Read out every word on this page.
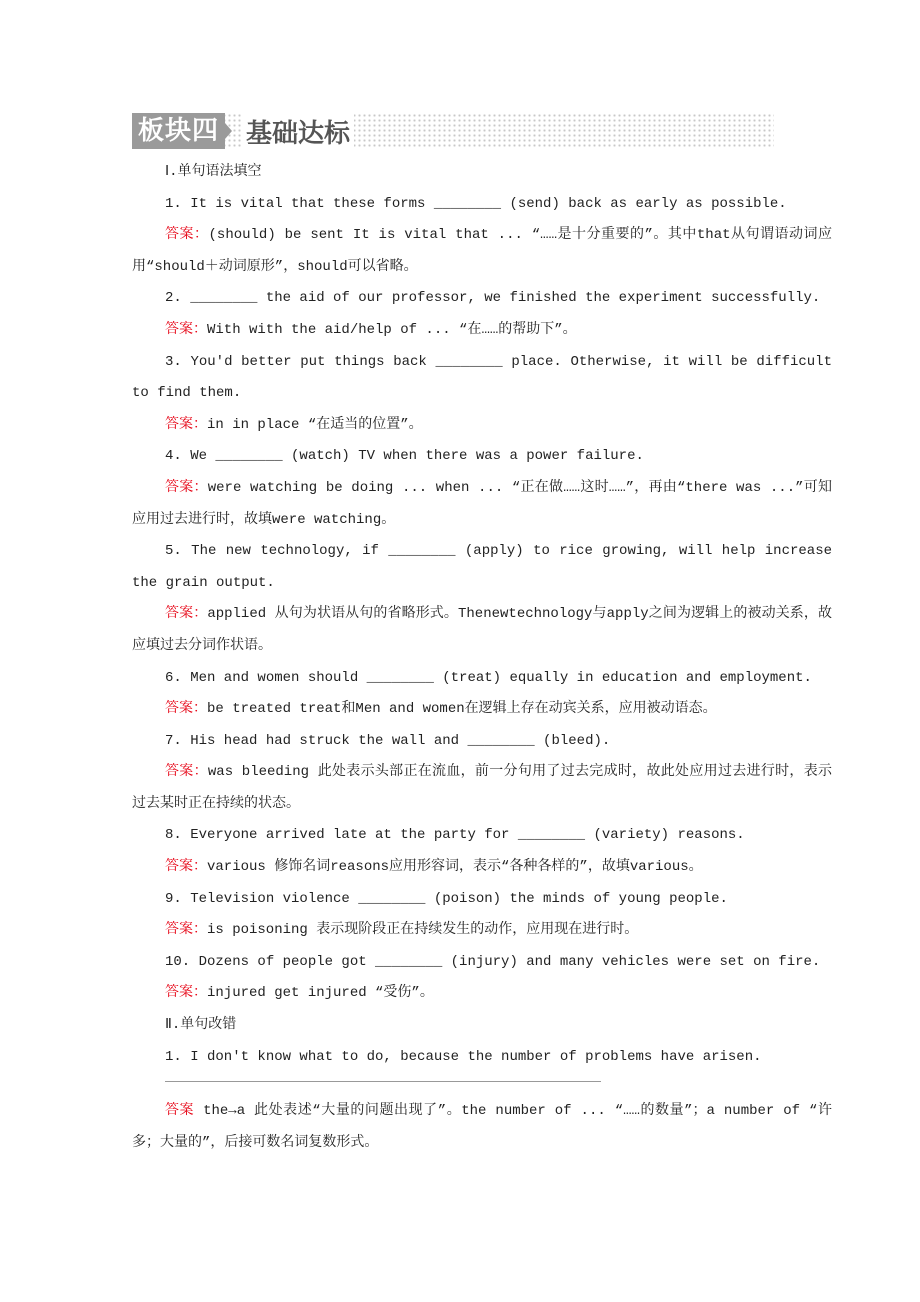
板块四 基础达标

Ⅰ.单句语法填空

1. It is vital that these forms ________ (send) back as early as possible.

答案：(should) be sent It is vital that ... “……是十分重要的”。其中that从句谓语动词应用“should＋动词原形”，should可以省略。

2. ________ the aid of our professor, we finished the experiment successfully.

答案：With with the aid/help of ... “在……的帮助下”。

3. You'd better put things back ________ place. Otherwise, it will be difficult to find them.

答案：in in place “在适当的位置”。

4. We ________ (watch) TV when there was a power failure.

答案：were watching be doing ... when ... “正在做……这时……”，再由“there was ...”可知应用过去进行时，故填were watching。

5. The new technology, if ________ (apply) to rice growing, will help increase the grain output.

答案：applied 从句为状语从句的省略形式。Thenewtechnology与apply之间为逻辑上的被动关系，故应填过去分词作状语。

6. Men and women should ________ (treat) equally in education and employment.

答案：be treated treat和Men and women在逻辑上存在动宾关系，应用被动语态。

7. His head had struck the wall and ________ (bleed).

答案：was bleeding 此处表示头部正在流血，前一分句用了过去完成时，故此处应用过去进行时，表示过去某时正在持续的状态。

8. Everyone arrived late at the party for ________ (variety) reasons.

答案：various 修饰名词reasons应用形容词，表示“各种各样的”，故填various。

9. Television violence ________ (poison) the minds of young people.

答案：is poisoning 表示现阶段正在持续发生的动作，应用现在进行时。

10. Dozens of people got ________ (injury) and many vehicles were set on fire.

答案：injured get injured “受伤”。

Ⅱ.单句改错

1. I don't know what to do, because the number of problems have arisen.

答案 the→a 此处表述“大量的问题出现了”。the number of ... “……的数量”；a number of “许多；大量的”，后接可数名词复数形式。
